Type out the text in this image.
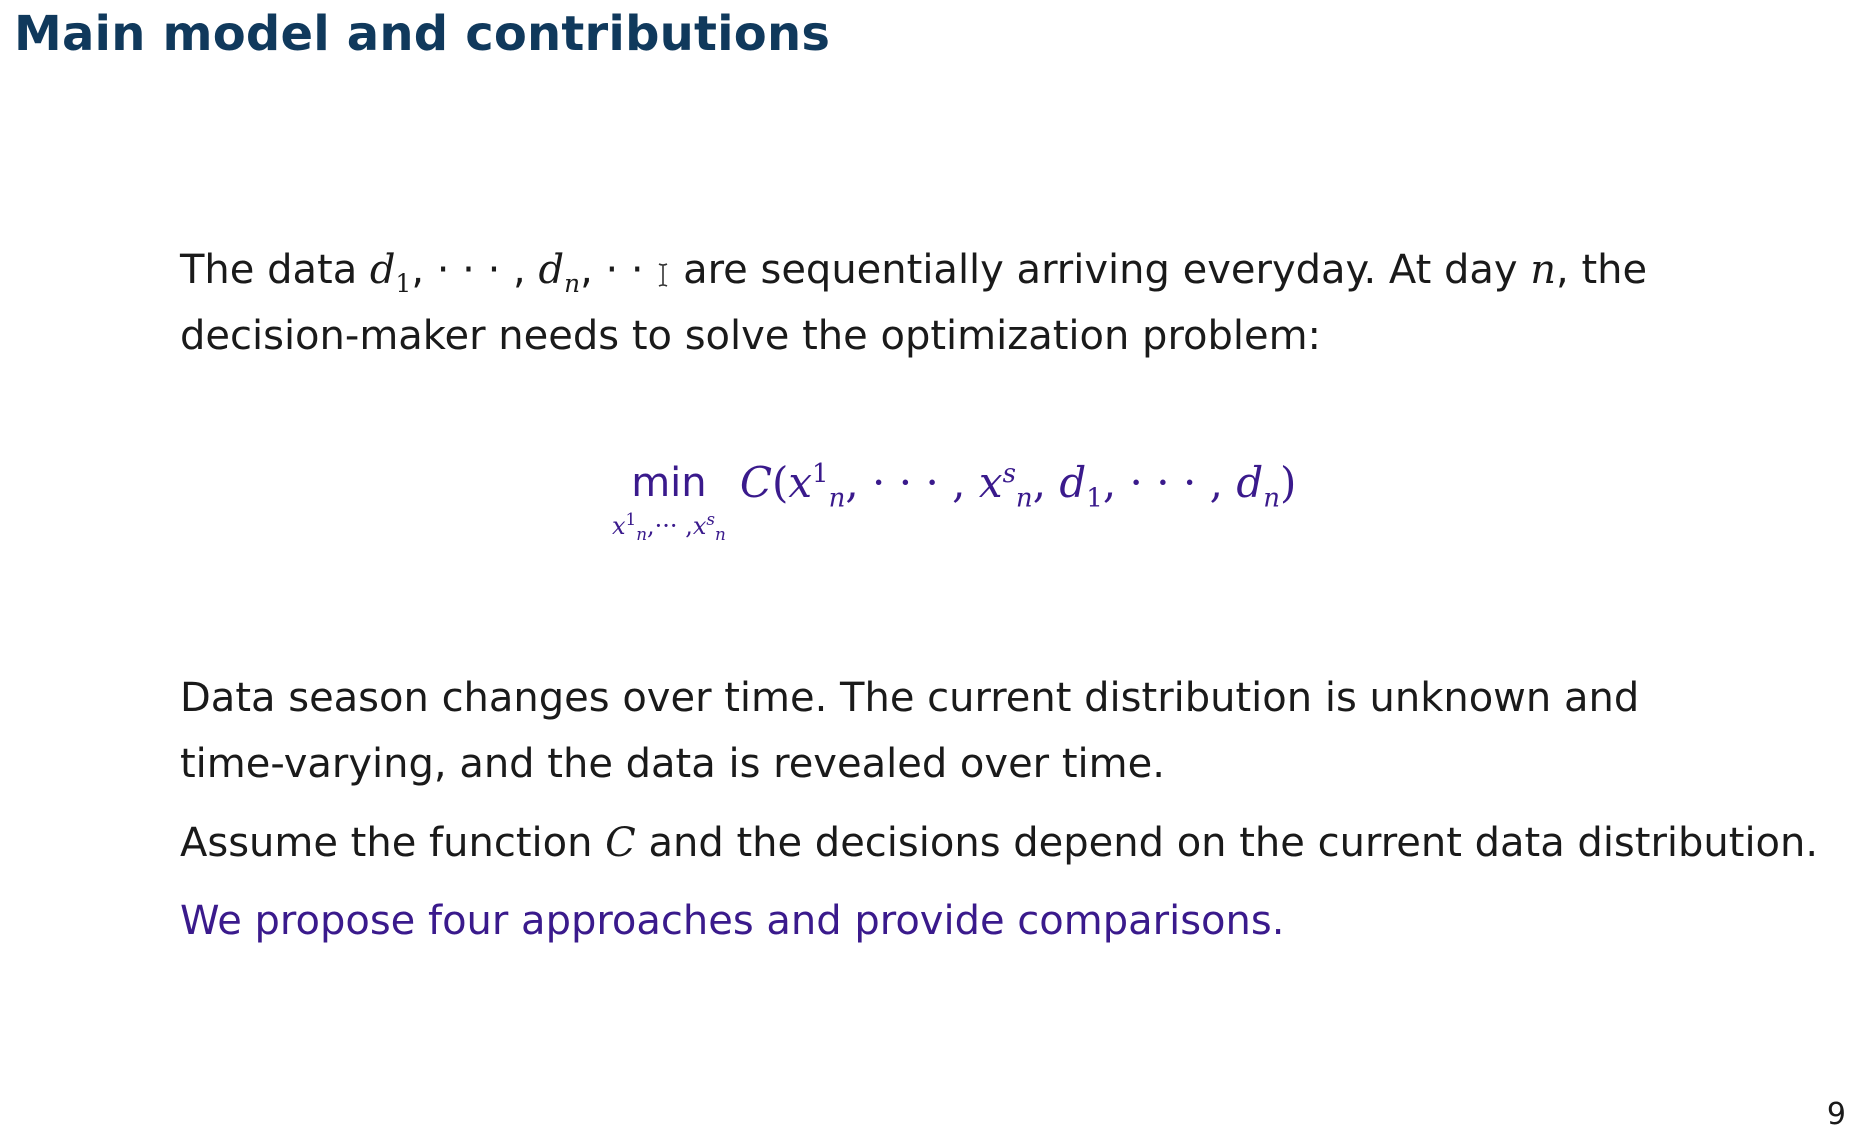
Main model and contributions

The data $d_1$, · · · , $d_n$, · ·
are sequentially arriving everyday. At day n, the
decision-maker needs to solve the optimization problem:

min
$x^1_n,\cdot\cdot\cdot ,x^s_n$
$C(x^1_n$, · · · , $x^s_n$, $d_1$, · · · , $d_n$)

Data season changes over time. The current distribution is unknown and
time-varying, and the data is revealed over time.

Assume the function C and the decisions depend on the current data distribution.

We propose four approaches and provide comparisons.

9
